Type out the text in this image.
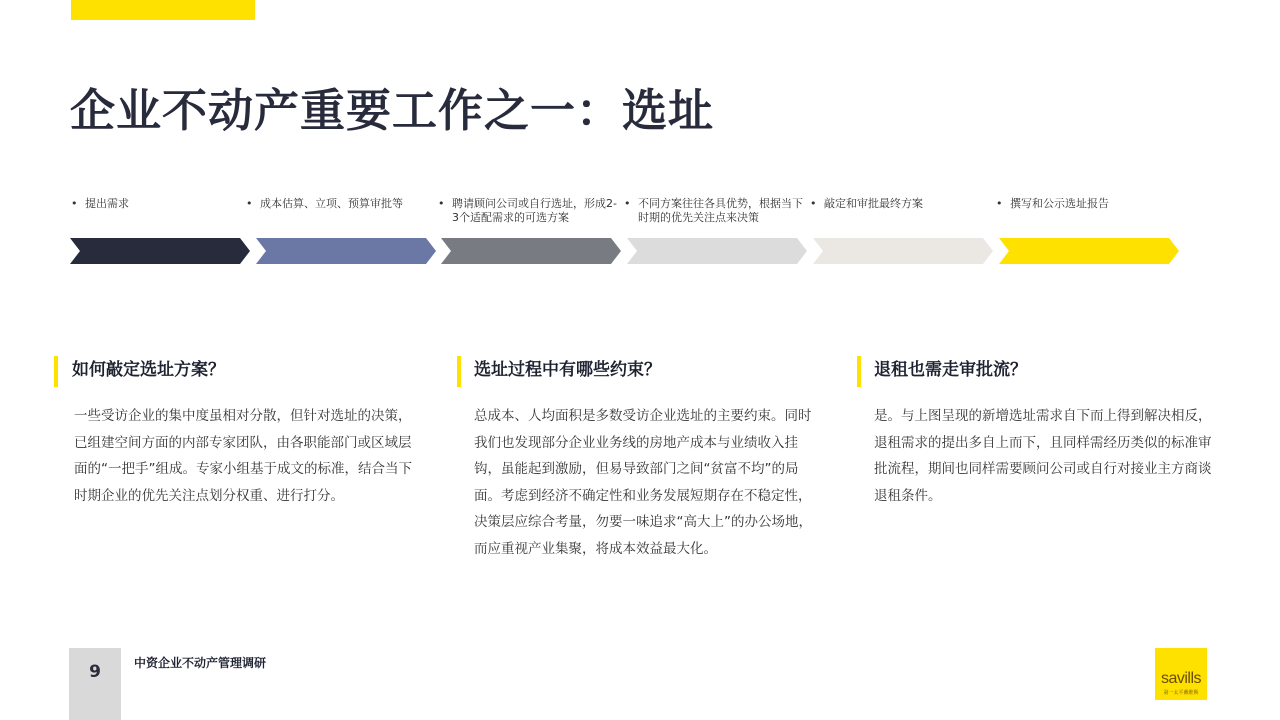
企业不动产重要工作之一：选址
• 提出需求	• 成本估算、立项、预算审批等	• 聘请顾问公司或自行选址，形成2-3个适配需求的可选方案
• 不同方案往往各具优势，根据当下时期的优先关注点来决策
• 敲定和审批最终方案	• 撰写和公示选址报告
如何敲定选址方案？

一些受访企业的集中度虽相对分散，但针对选址的决策，已组建空间方面的内部专家团队，由各职能部门或区域层面的“一把手”组成。专家小组基于成文的标准，结合当下时期企业的优先关注点划分权重、进行打分。

选址过程中有哪些约束？

总成本、人均面积是多数受访企业选址的主要约束。同时我们也发现部分企业业务线的房地产成本与业绩收入挂钩，虽能起到激励，但易导致部门之间“贫富不均”的局面。考虑到经济不确定性和业务发展短期存在不稳定性，决策层应综合考量，勿要一味追求“高大上”的办公场地，而应重视产业集聚，将成本效益最大化。

退租也需走审批流？

是。与上图呈现的新增选址需求自下而上得到解决相反，退租需求的提出多自上而下，且同样需经历类似的标准审批流程，期间也同样需要顾问公司或自行对接业主方商谈退租条件。

9	中资企业不动产管理调研
savills
第一太平戴维斯
